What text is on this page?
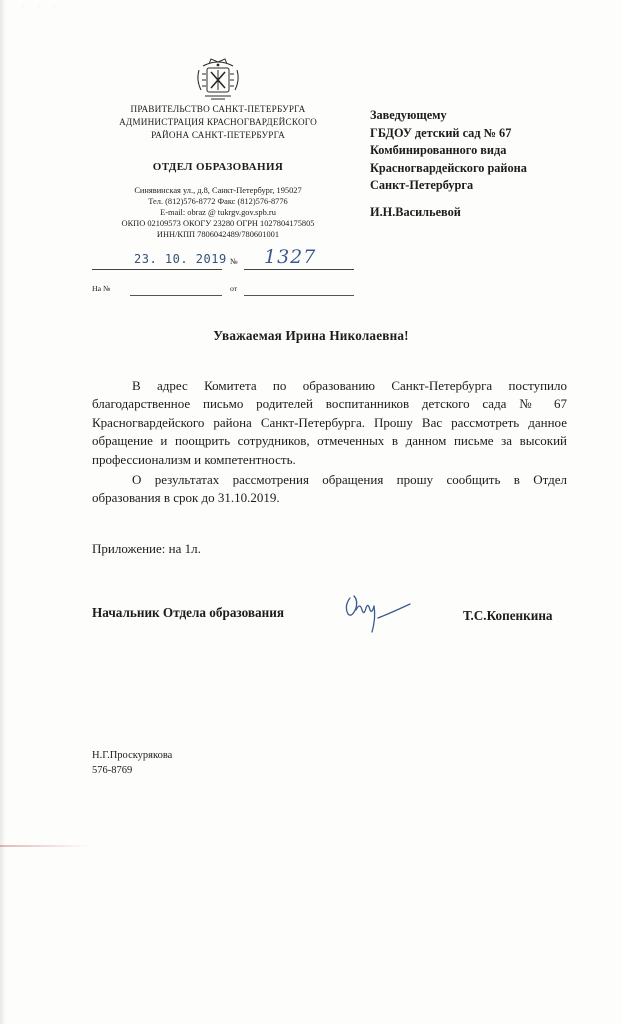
· · ·
ПРАВИТЕЛЬСТВО САНКТ-ПЕТЕРБУРГА
АДМИНИСТРАЦИЯ КРАСНОГВАРДЕЙСКОГО
РАЙОНА САНКТ-ПЕТЕРБУРГА
ОТДЕЛ ОБРАЗОВАНИЯ
Синявинская ул., д.8, Санкт-Петербург, 195027
Тел. (812)576-8772 Факс (812)576-8776
E-mail: obraz @ tukrgv.gov.spb.ru
ОКПО 02109573 ОКОГУ 23280 ОГРН 1027804175805
ИНН/КПП 7806042489/780601001
23. 10. 2019 № 1327
На №	от
Заведующему
ГБДОУ детский сад № 67
Комбинированного вида
Красногвардейского района
Санкт-Петербурга
И.Н.Васильевой
Уважаемая Ирина Николаевна!
В адрес Комитета по образованию Санкт-Петербурга поступило благодарственное письмо родителей воспитанников детского сада № 67 Красногвардейского района Санкт-Петербурга. Прошу Вас рассмотреть данное обращение и поощрить сотрудников, отмеченных в данном письме за высокий профессионализм и компетентность.
О результатах рассмотрения обращения прошу сообщить в Отдел образования в срок до 31.10.2019.
Приложение: на 1л.
Начальник Отдела образования	Т.С.Копенкина
Н.Г.Проскурякова
576-8769
